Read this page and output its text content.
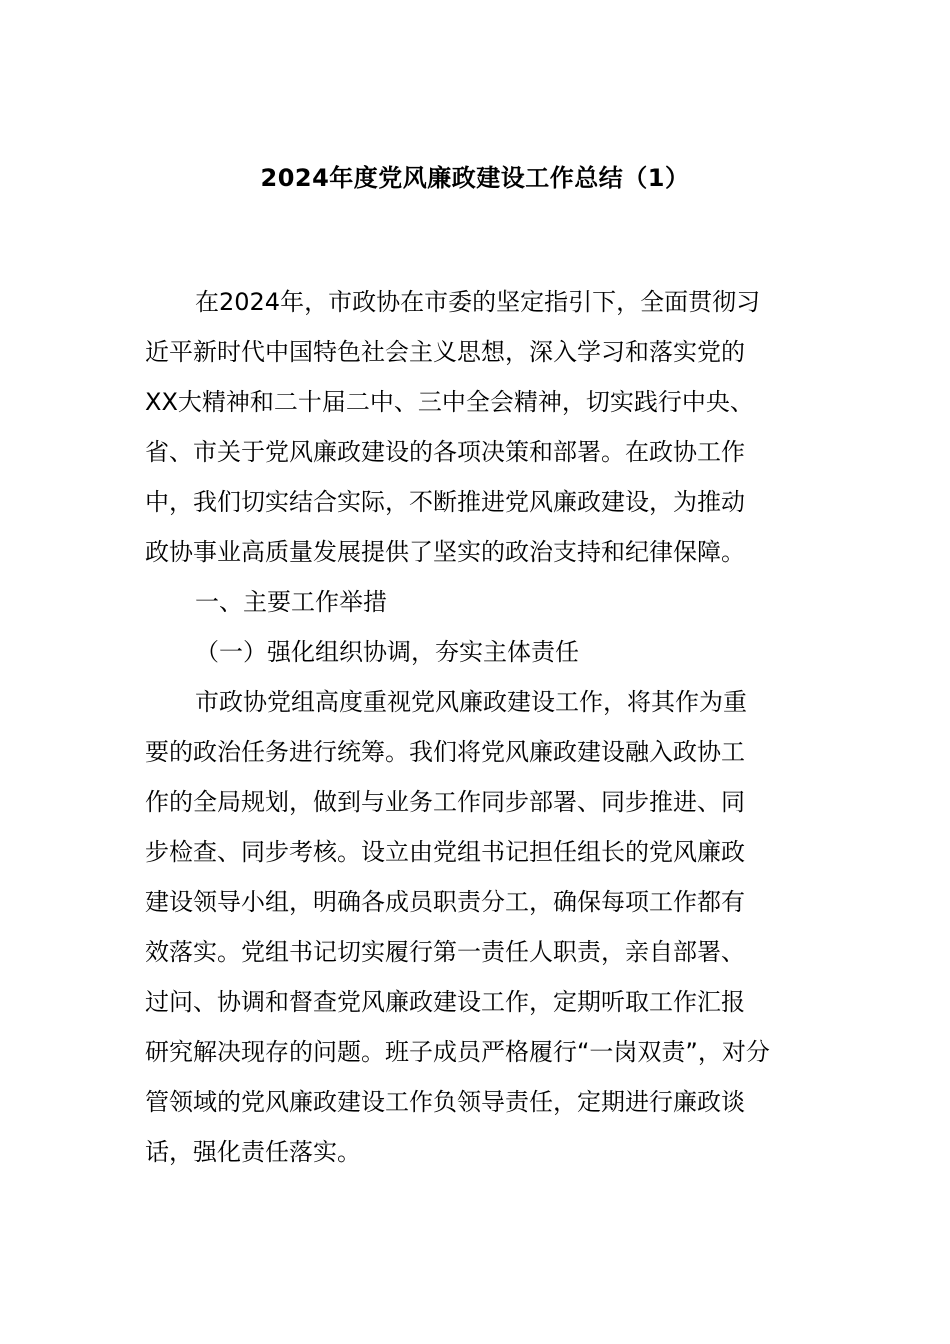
2024年度党风廉政建设工作总结（1）
在2024年，市政协在市委的坚定指引下，全面贯彻习
近平新时代中国特色社会主义思想，深入学习和落实党的
XX大精神和二十届二中、三中全会精神，切实践行中央、
省、市关于党风廉政建设的各项决策和部署。在政协工作
中，我们切实结合实际，不断推进党风廉政建设，为推动
政协事业高质量发展提供了坚实的政治支持和纪律保障。
一、主要工作举措
（一）强化组织协调，夯实主体责任
市政协党组高度重视党风廉政建设工作，将其作为重
要的政治任务进行统筹。我们将党风廉政建设融入政协工
作的全局规划，做到与业务工作同步部署、同步推进、同
步检查、同步考核。设立由党组书记担任组长的党风廉政
建设领导小组，明确各成员职责分工，确保每项工作都有
效落实。党组书记切实履行第一责任人职责，亲自部署、
过问、协调和督查党风廉政建设工作，定期听取工作汇报
研究解决现存的问题。班子成员严格履行“一岗双责”，对分
管领域的党风廉政建设工作负领导责任，定期进行廉政谈
话，强化责任落实。
